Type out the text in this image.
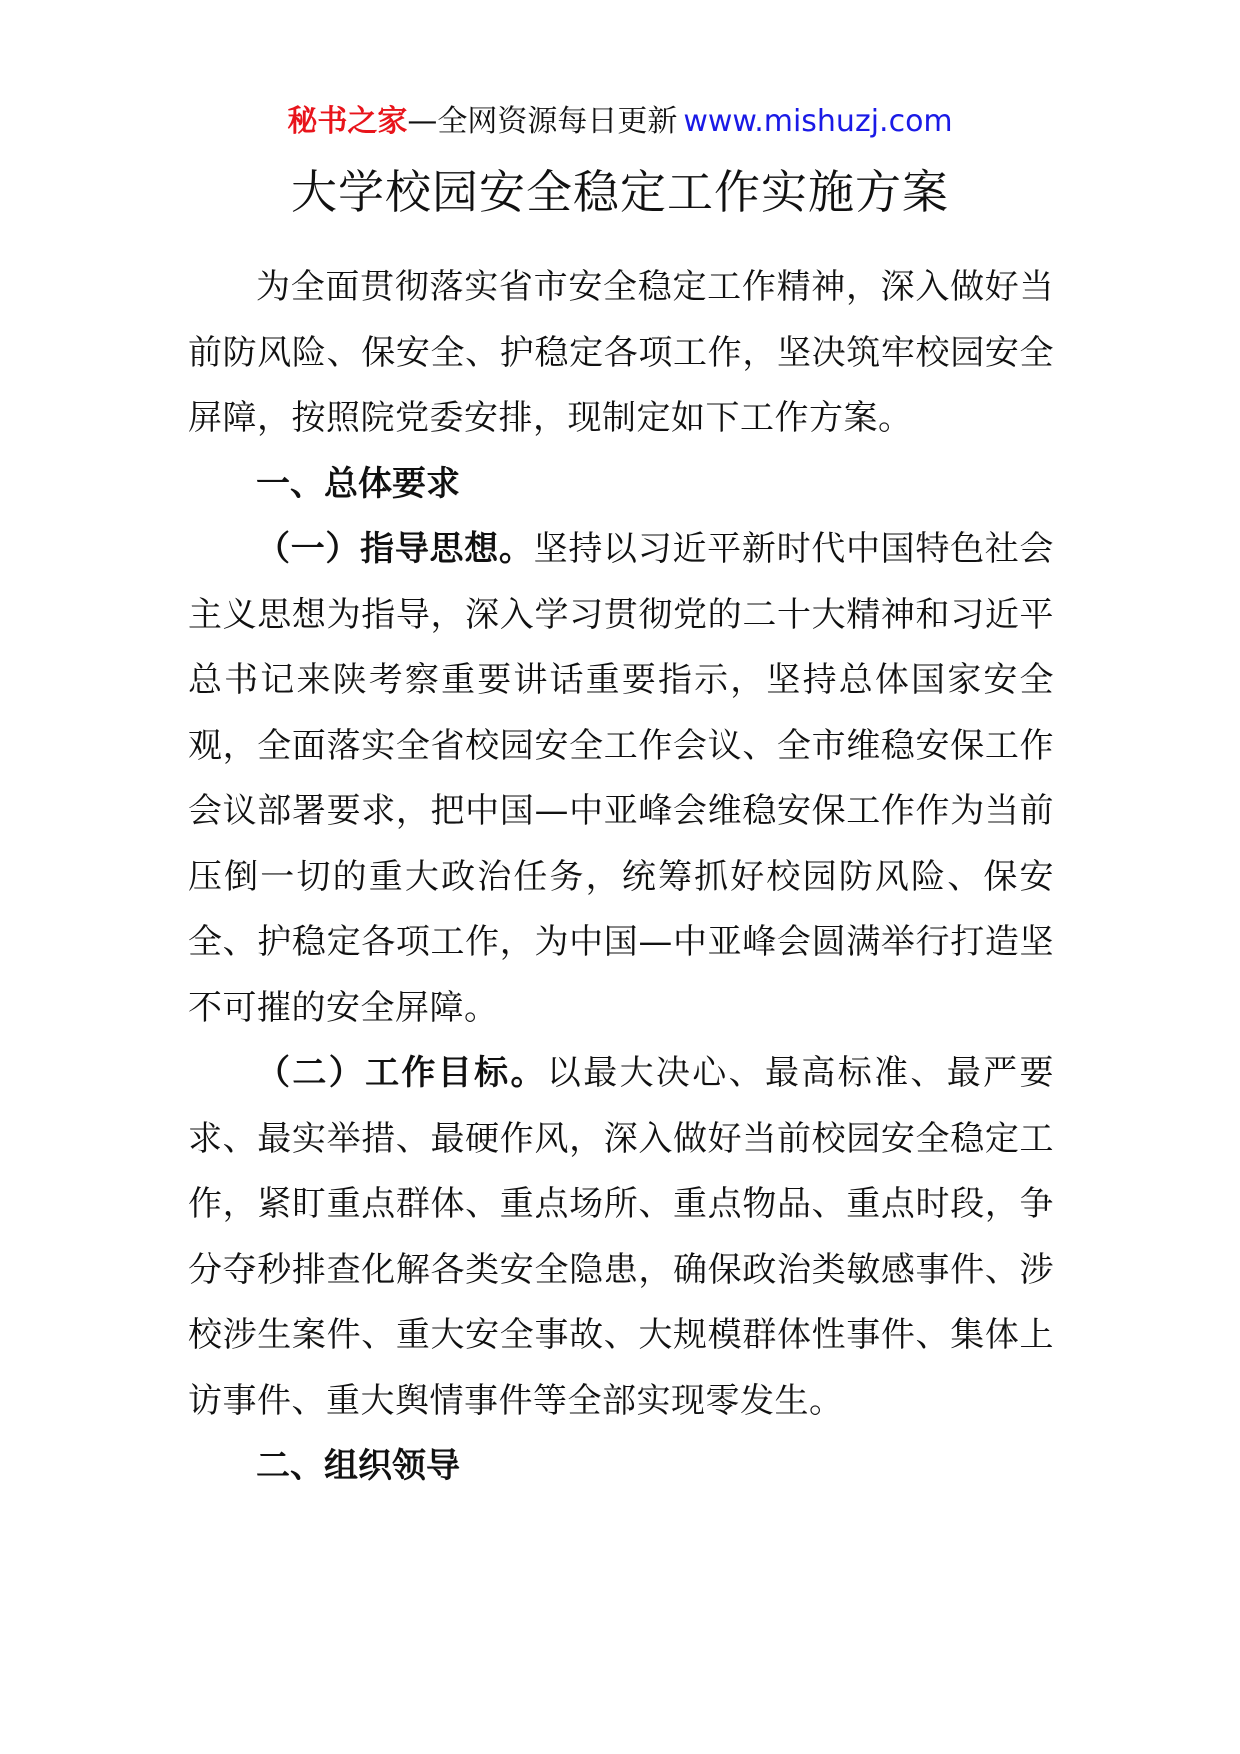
秘书之家—全网资源每日更新 www.mishuzj.com
大学校园安全稳定工作实施方案

为全面贯彻落实省市安全稳定工作精神，深入做好当前防风险、保安全、护稳定各项工作，坚决筑牢校园安全屏障，按照院党委安排，现制定如下工作方案。

一、总体要求

（一）指导思想。坚持以习近平新时代中国特色社会主义思想为指导，深入学习贯彻党的二十大精神和习近平总书记来陕考察重要讲话重要指示，坚持总体国家安全观，全面落实全省校园安全工作会议、全市维稳安保工作会议部署要求，把中国—中亚峰会维稳安保工作作为当前压倒一切的重大政治任务，统筹抓好校园防风险、保安全、护稳定各项工作，为中国—中亚峰会圆满举行打造坚不可摧的安全屏障。

（二）工作目标。以最大决心、最高标准、最严要求、最实举措、最硬作风，深入做好当前校园安全稳定工作，紧盯重点群体、重点场所、重点物品、重点时段，争分夺秒排查化解各类安全隐患，确保政治类敏感事件、涉校涉生案件、重大安全事故、大规模群体性事件、集体上访事件、重大舆情事件等全部实现零发生。

二、组织领导
